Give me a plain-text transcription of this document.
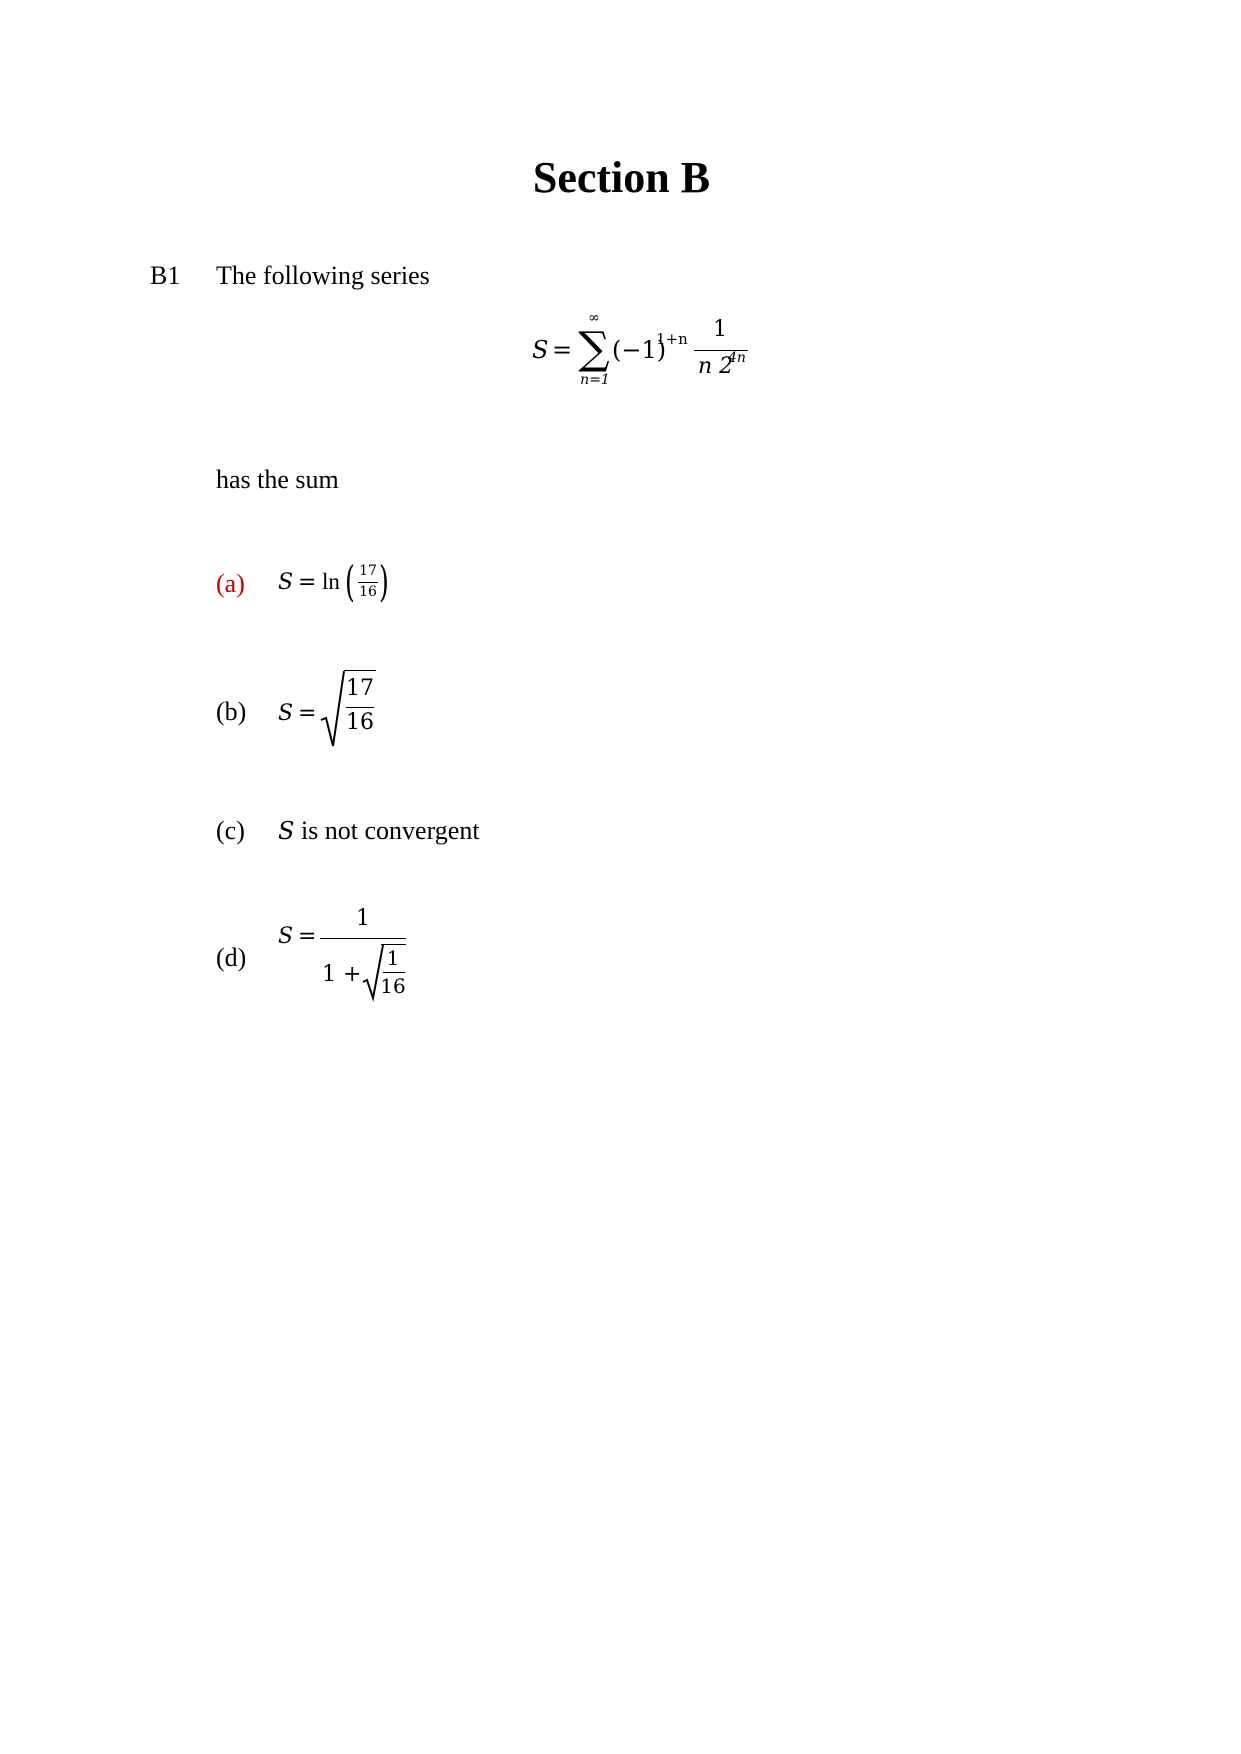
Section B
B1 The following series
S =
∞
∑
n=1
(−1)
1+n	1
n 2
4n
has the sum
(a) S = ln ( 17
16 )
(b) S =
17
16
(c) S is not convergent
(d)
S =
1
1 +
1
16
